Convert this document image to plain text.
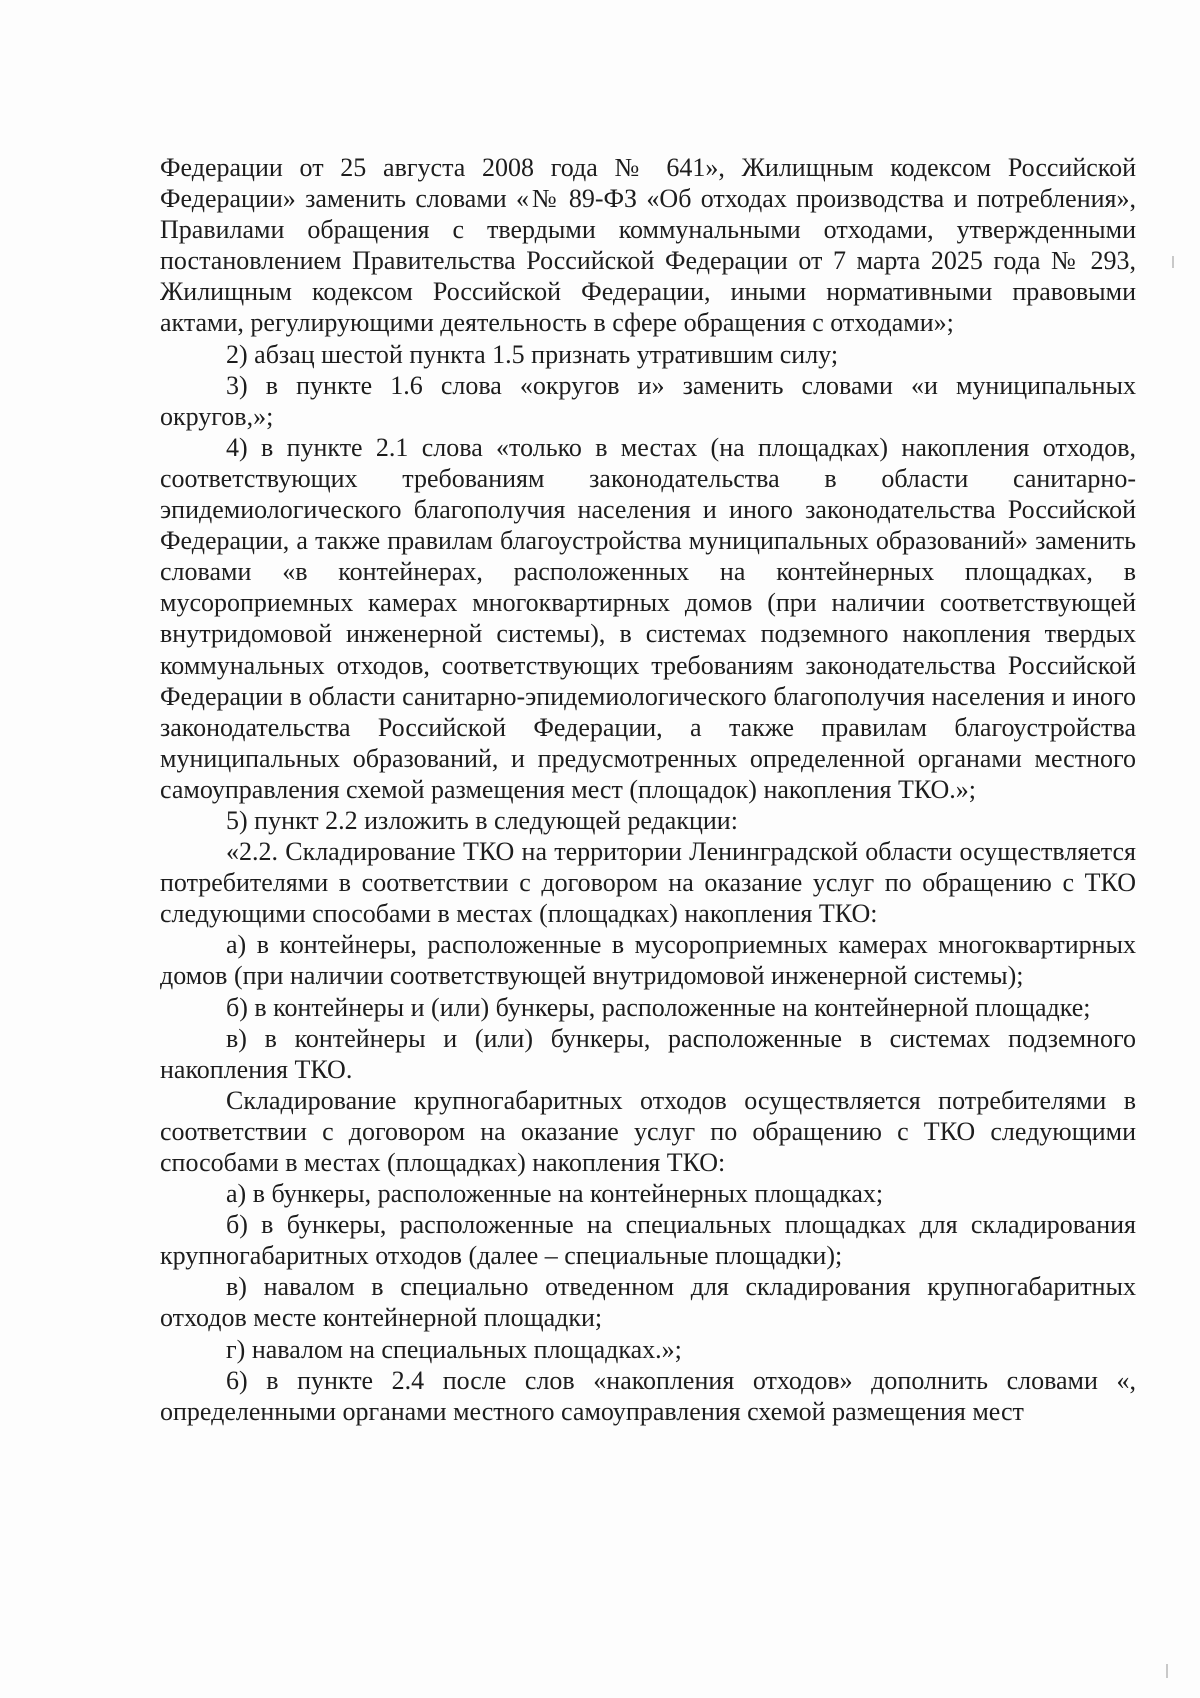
Федерации от 25 августа 2008 года № 641», Жилищным кодексом Российской Федерации» заменить словами «№ 89-ФЗ «Об отходах производства и потребления», Правилами обращения с твердыми коммунальными отходами, утвержденными постановлением Правительства Российской Федерации от 7 марта 2025 года № 293, Жилищным кодексом Российской Федерации, иными нормативными правовыми актами, регулирующими деятельность в сфере обращения с отходами»;

2) абзац шестой пункта 1.5 признать утратившим силу;

3) в пункте 1.6 слова «округов и» заменить словами «и муниципальных округов,»;

4) в пункте 2.1 слова «только в местах (на площадках) накопления отходов, соответствующих требованиям законодательства в области санитарно-эпидемиологического благополучия населения и иного законодательства Российской Федерации, а также правилам благоустройства муниципальных образований» заменить словами «в контейнерах, расположенных на контейнерных площадках, в мусороприемных камерах многоквартирных домов (при наличии соответствующей внутридомовой инженерной системы), в системах подземного накопления твердых коммунальных отходов, соответствующих требованиям законодательства Российской Федерации в области санитарно-эпидемиологического благополучия населения и иного законодательства Российской Федерации, а также правилам благоустройства муниципальных образований, и предусмотренных определенной органами местного самоуправления схемой размещения мест (площадок) накопления ТКО.»;

5) пункт 2.2 изложить в следующей редакции:

«2.2. Складирование ТКО на территории Ленинградской области осуществляется потребителями в соответствии с договором на оказание услуг по обращению с ТКО следующими способами в местах (площадках) накопления ТКО:

а) в контейнеры, расположенные в мусороприемных камерах многоквартирных домов (при наличии соответствующей внутридомовой инженерной системы);

б) в контейнеры и (или) бункеры, расположенные на контейнерной площадке;

в) в контейнеры и (или) бункеры, расположенные в системах подземного накопления ТКО.

Складирование крупногабаритных отходов осуществляется потребителями в соответствии с договором на оказание услуг по обращению с ТКО следующими способами в местах (площадках) накопления ТКО:

а) в бункеры, расположенные на контейнерных площадках;

б) в бункеры, расположенные на специальных площадках для складирования крупногабаритных отходов (далее – специальные площадки);

в) навалом в специально отведенном для складирования крупногабаритных отходов месте контейнерной площадки;

г) навалом на специальных площадках.»;

6) в пункте 2.4 после слов «накопления отходов» дополнить словами «, определенными органами местного самоуправления схемой размещения мест
